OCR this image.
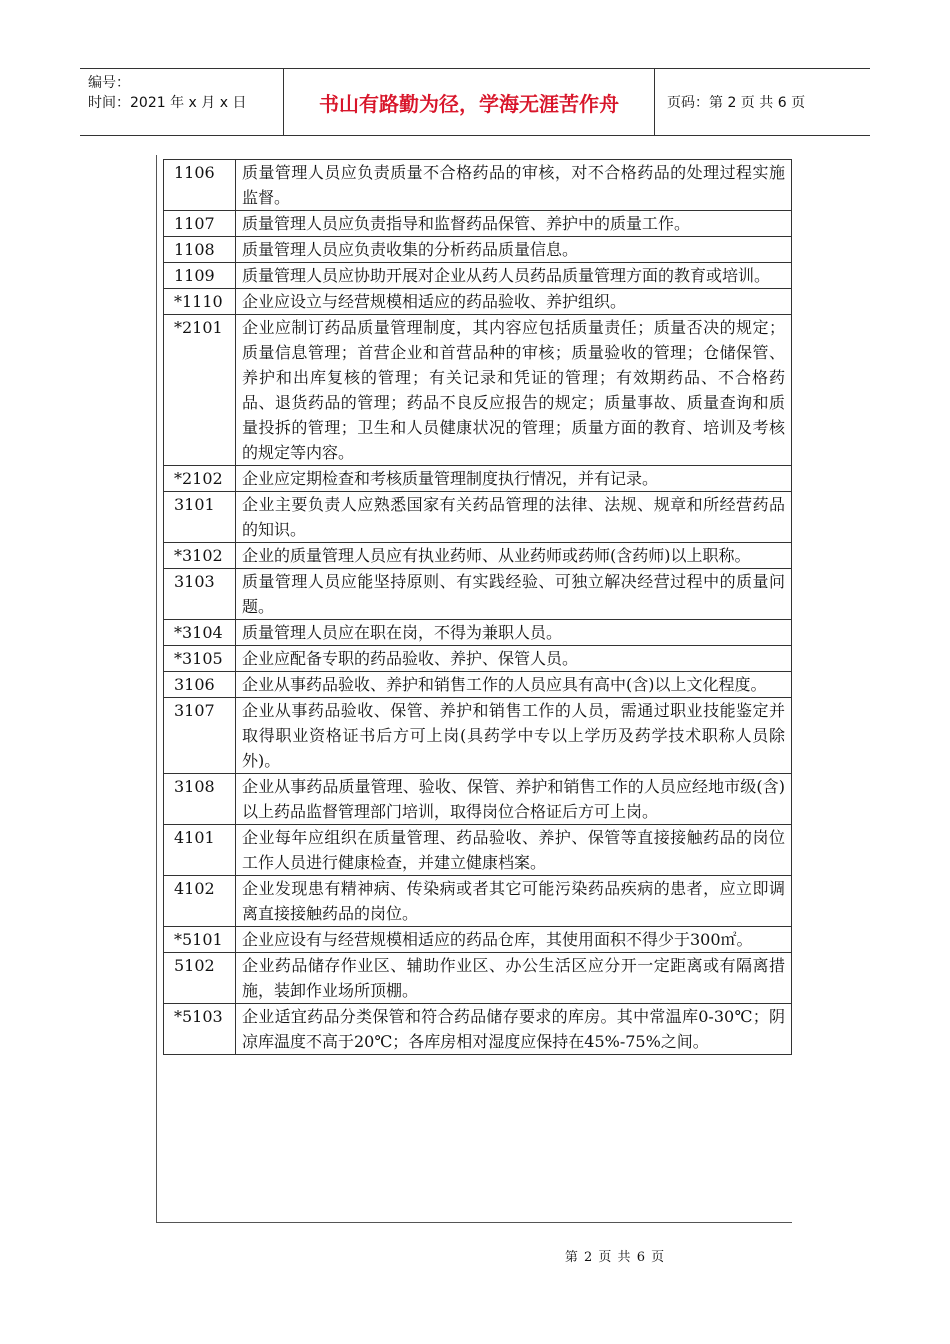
编号：
时间：2021 年 x 月 x 日	书山有路勤为径，学海无涯苦作舟	页码：第 2 页 共 6 页
1106	质量管理人员应负责质量不合格药品的审核，对不合格药品的处理过程实施监督。
1107	质量管理人员应负责指导和监督药品保管、养护中的质量工作。
1108	质量管理人员应负责收集的分析药品质量信息。
1109	质量管理人员应协助开展对企业从药人员药品质量管理方面的教育或培训。
*1110	企业应设立与经营规模相适应的药品验收、养护组织。
*2101	企业应制订药品质量管理制度，其内容应包括质量责任；质量否决的规定；质量信息管理；首营企业和首营品种的审核；质量验收的管理；仓储保管、养护和出库复核的管理；有关记录和凭证的管理；有效期药品、不合格药品、退货药品的管理；药品不良反应报告的规定；质量事故、质量查询和质量投拆的管理；卫生和人员健康状况的管理；质量方面的教育、培训及考核的规定等内容。
*2102	企业应定期检查和考核质量管理制度执行情况，并有记录。
3101	企业主要负责人应熟悉国家有关药品管理的法律、法规、规章和所经营药品的知识。
*3102	企业的质量管理人员应有执业药师、从业药师或药师(含药师)以上职称。
3103	质量管理人员应能坚持原则、有实践经验、可独立解决经营过程中的质量问题。
*3104	质量管理人员应在职在岗，不得为兼职人员。
*3105	企业应配备专职的药品验收、养护、保管人员。
3106	企业从事药品验收、养护和销售工作的人员应具有高中(含)以上文化程度。
3107	企业从事药品验收、保管、养护和销售工作的人员，需通过职业技能鉴定并取得职业资格证书后方可上岗(具药学中专以上学历及药学技术职称人员除外)。
3108	企业从事药品质量管理、验收、保管、养护和销售工作的人员应经地市级(含)以上药品监督管理部门培训，取得岗位合格证后方可上岗。
4101	企业每年应组织在质量管理、药品验收、养护、保管等直接接触药品的岗位工作人员进行健康检查，并建立健康档案。
4102	企业发现患有精神病、传染病或者其它可能污染药品疾病的患者，应立即调离直接接触药品的岗位。
*5101	企业应设有与经营规模相适应的药品仓库，其使用面积不得少于300㎡。
5102	企业药品储存作业区、辅助作业区、办公生活区应分开一定距离或有隔离措施，装卸作业场所顶棚。
*5103	企业适宜药品分类保管和符合药品储存要求的库房。其中常温库0-30℃；阴凉库温度不高于20℃；各库房相对湿度应保持在45%-75%之间。
第 2 页 共 6 页
